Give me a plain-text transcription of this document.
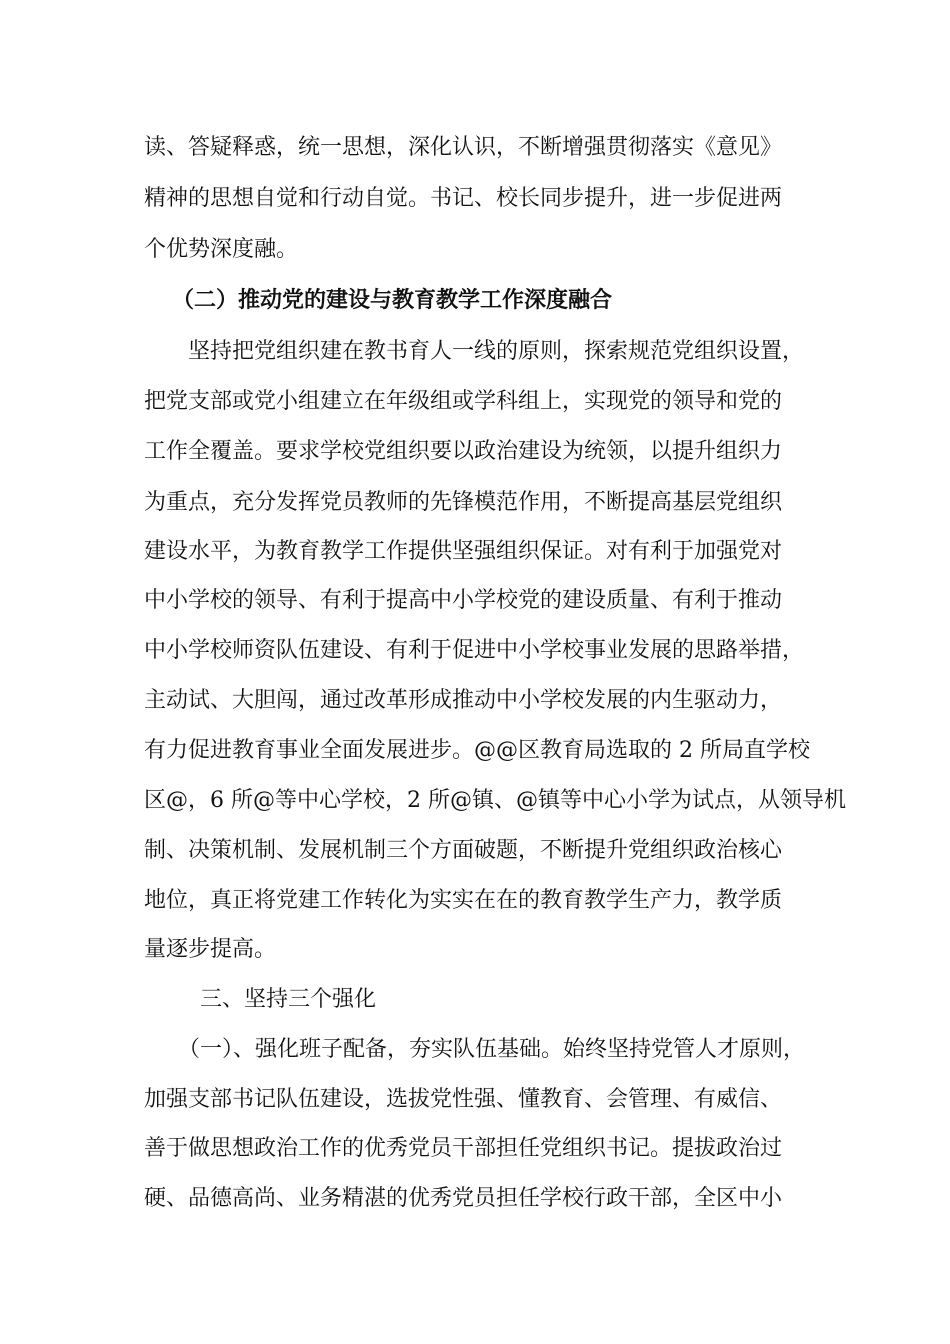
读、答疑释惑，统一思想，深化认识，不断增强贯彻落实《意见》
精神的思想自觉和行动自觉。书记、校长同步提升，进一步促进两
个优势深度融。
（二）推动党的建设与教育教学工作深度融合
坚持把党组织建在教书育人一线的原则，探索规范党组织设置，
把党支部或党小组建立在年级组或学科组上，实现党的领导和党的
工作全覆盖。要求学校党组织要以政治建设为统领，以提升组织力
为重点，充分发挥党员教师的先锋模范作用，不断提高基层党组织
建设水平，为教育教学工作提供坚强组织保证。对有利于加强党对
中小学校的领导、有利于提高中小学校党的建设质量、有利于推动
中小学校师资队伍建设、有利于促进中小学校事业发展的思路举措，
主动试、大胆闯，通过改革形成推动中小学校发展的内生驱动力，
有力促进教育事业全面发展进步。@@区教育局选取的 2 所局直学校
区@，6 所@等中心学校，2 所@镇、@镇等中心小学为试点，从领导机
制、决策机制、发展机制三个方面破题，不断提升党组织政治核心
地位，真正将党建工作转化为实实在在的教育教学生产力，教学质
量逐步提高。
三、坚持三个强化
（一）、强化班子配备，夯实队伍基础。始终坚持党管人才原则，
加强支部书记队伍建设，选拔党性强、懂教育、会管理、有威信、
善于做思想政治工作的优秀党员干部担任党组织书记。提拔政治过
硬、品德高尚、业务精湛的优秀党员担任学校行政干部，全区中小
